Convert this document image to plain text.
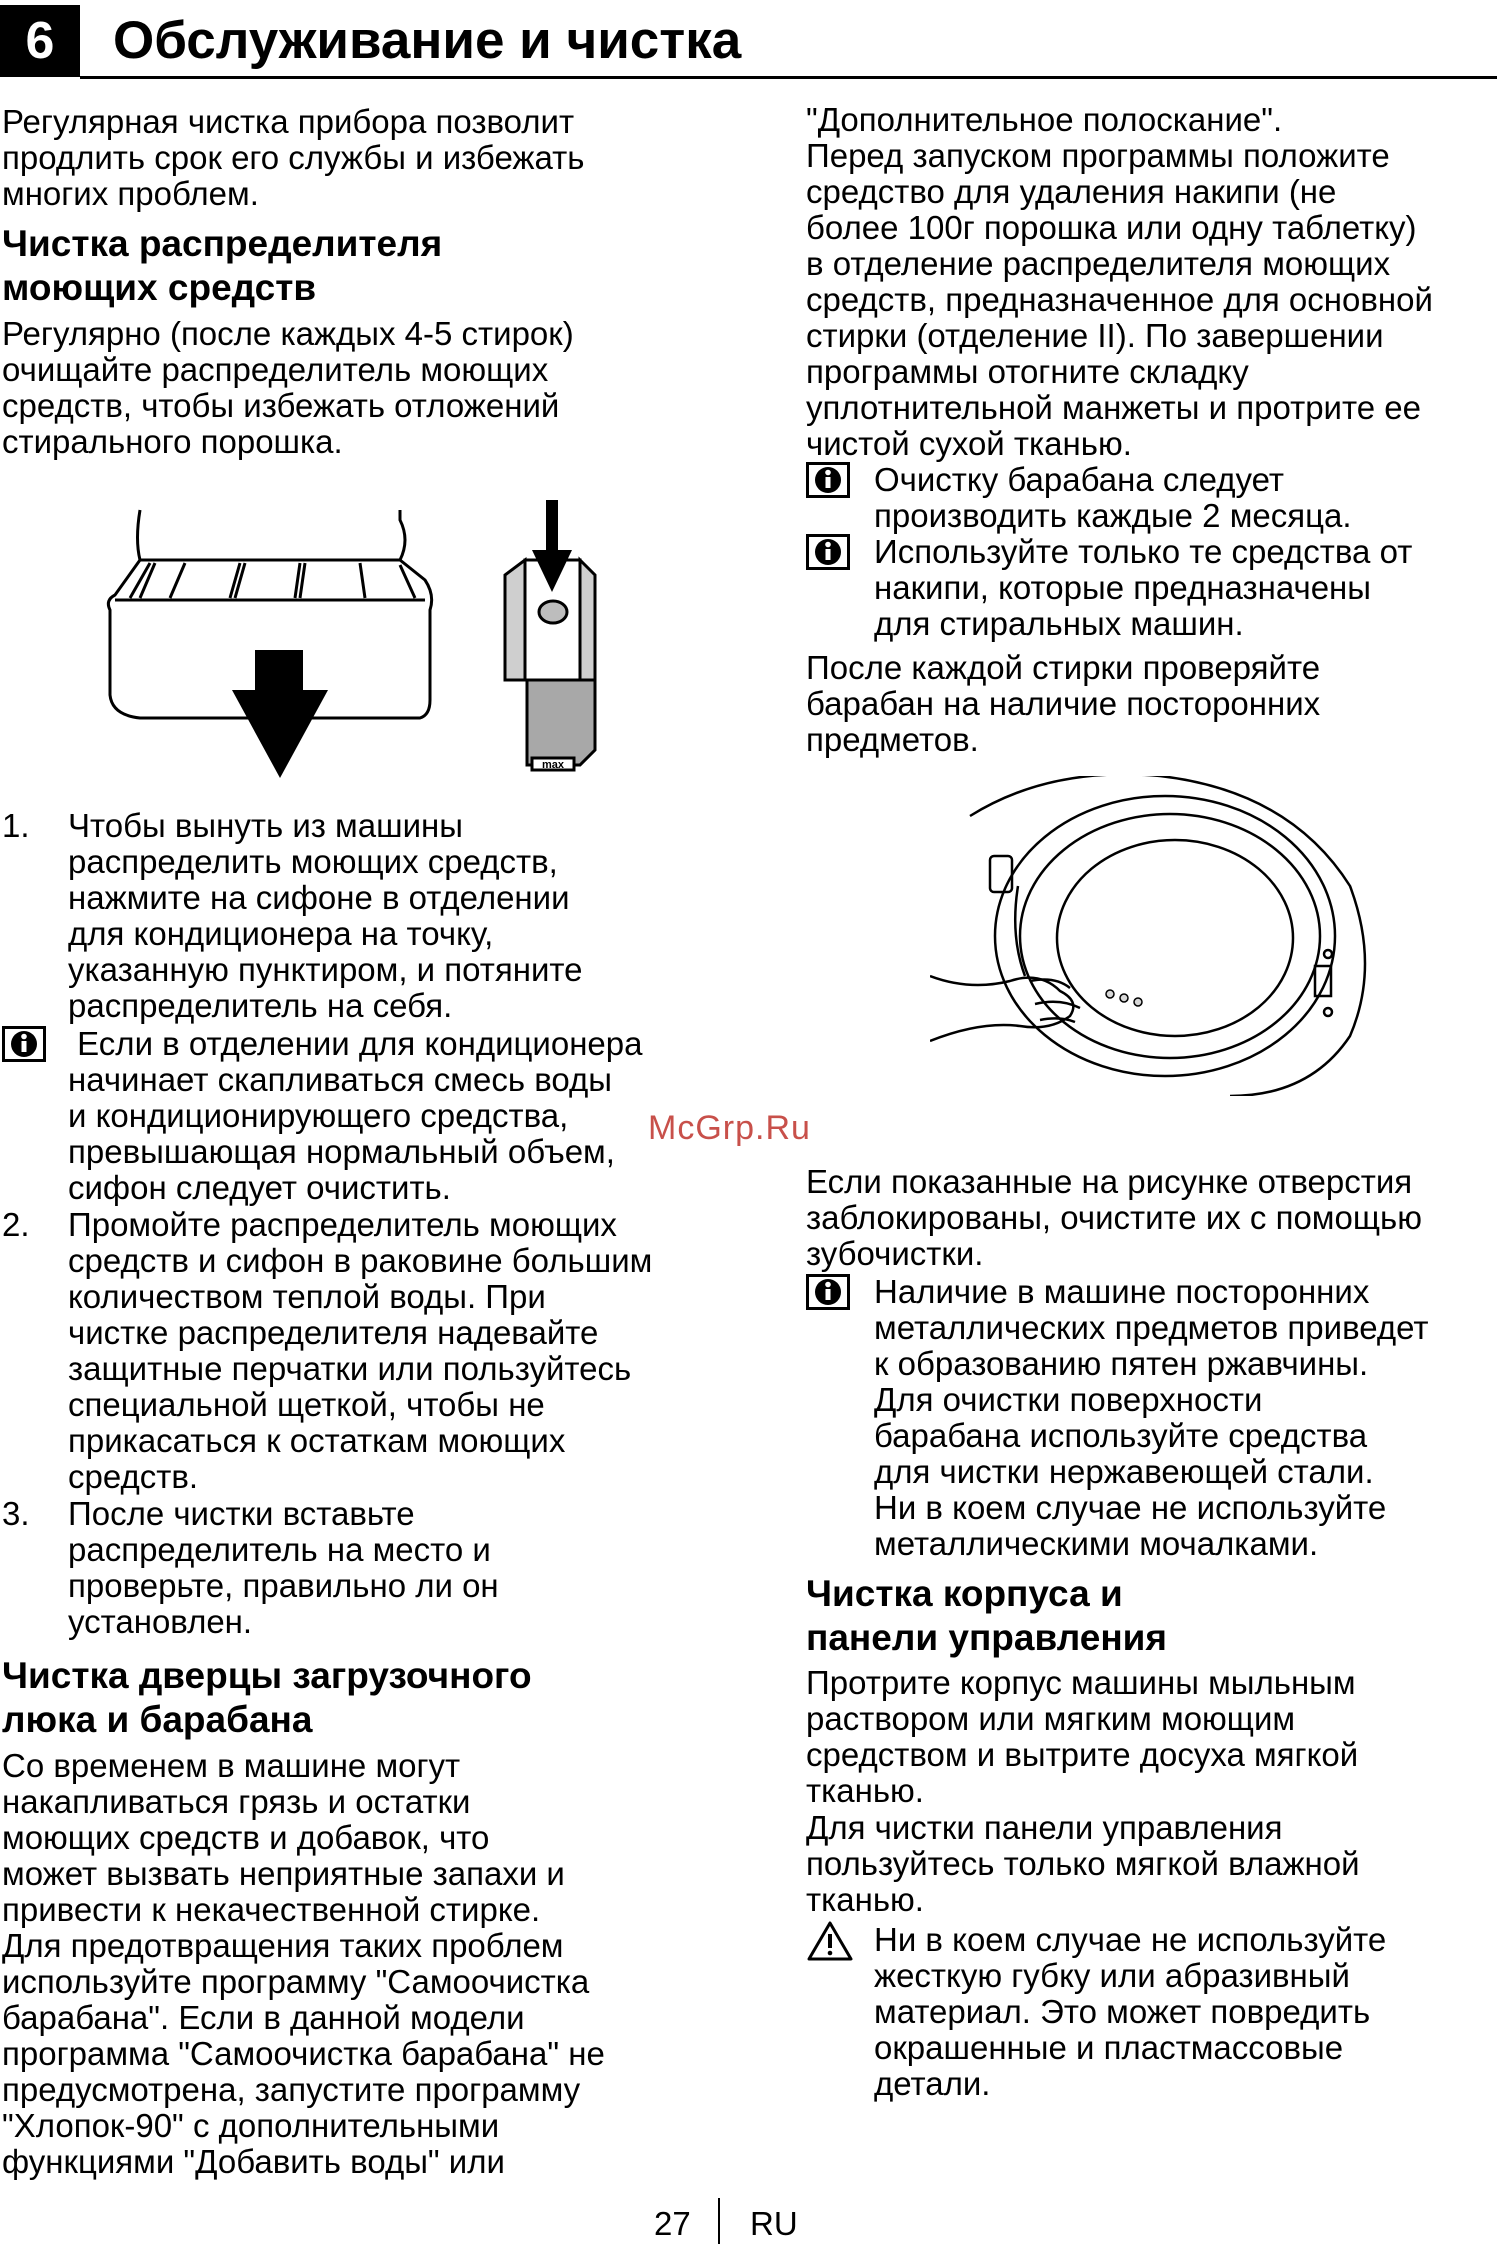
6	Обслуживание и чистка
Регулярная чистка прибора позволит
продлить срок его службы и избежать
многих проблем.
Чистка распределителя
моющих средств
Регулярно (после каждых 4-5 стирок)
очищайте распределитель моющих
средств, чтобы избежать отложений
стирального порошка.
max
1. Чтобы вынуть из машины
распределить моющих средств,
нажмите на сифоне в отделении
для кондиционера на точку,
указанную пунктиром, и потяните
распределитель на себя.
Если в отделении для кондиционера
начинает скапливаться смесь воды
и кондиционирующего средства,
превышающая нормальный объем,
сифон следует очистить.
2. Промойте распределитель моющих
средств и сифон в раковине большим
количеством теплой воды. При
чистке распределителя надевайте
защитные перчатки или пользуйтесь
специальной щеткой, чтобы не
прикасаться к остаткам моющих
средств.
3. После чистки вставьте
распределитель на место и
проверьте, правильно ли он
установлен.
Чистка дверцы загрузочного
люка и барабана
Со временем в машине могут
накапливаться грязь и остатки
моющих средств и добавок, что
может вызвать неприятные запахи и
привести к некачественной стирке.
Для предотвращения таких проблем
используйте программу "Самоочистка
барабана". Если в данной модели
программа "Самоочистка барабана" не
предусмотрена, запустите программу
"Хлопок-90" с дополнительными
функциями "Добавить воды" или
"Дополнительное полоскание".
Перед запуском программы положите
средство для удаления накипи (не
более 100г порошка или одну таблетку)
в отделение распределителя моющих
средств, предназначенное для основной
стирки (отделение II). По завершении
программы отогните складку
уплотнительной манжеты и протрите ее
чистой сухой тканью.
Очистку барабана следует
производить каждые 2 месяца.
Используйте только те средства от
накипи, которые предназначены
для стиральных машин.
После каждой стирки проверяйте
барабан на наличие посторонних
предметов.
McGrp.Ru
Если показанные на рисунке отверстия
заблокированы, очистите их с помощью
зубочистки.
Наличие в машине посторонних
металлических предметов приведет
к образованию пятен ржавчины.
Для очистки поверхности
барабана используйте средства
для чистки нержавеющей стали.
Ни в коем случае не используйте
металлическими мочалками.
Чистка корпуса и
панели управления
Протрите корпус машины мыльным
раствором или мягким моющим
средством и вытрите досуха мягкой
тканью.
Для чистки панели управления
пользуйтесь только мягкой влажной
тканью.
Ни в коем случае не используйте
жесткую губку или абразивный
материал. Это может повредить
окрашенные и пластмассовые
детали.
27 RU
